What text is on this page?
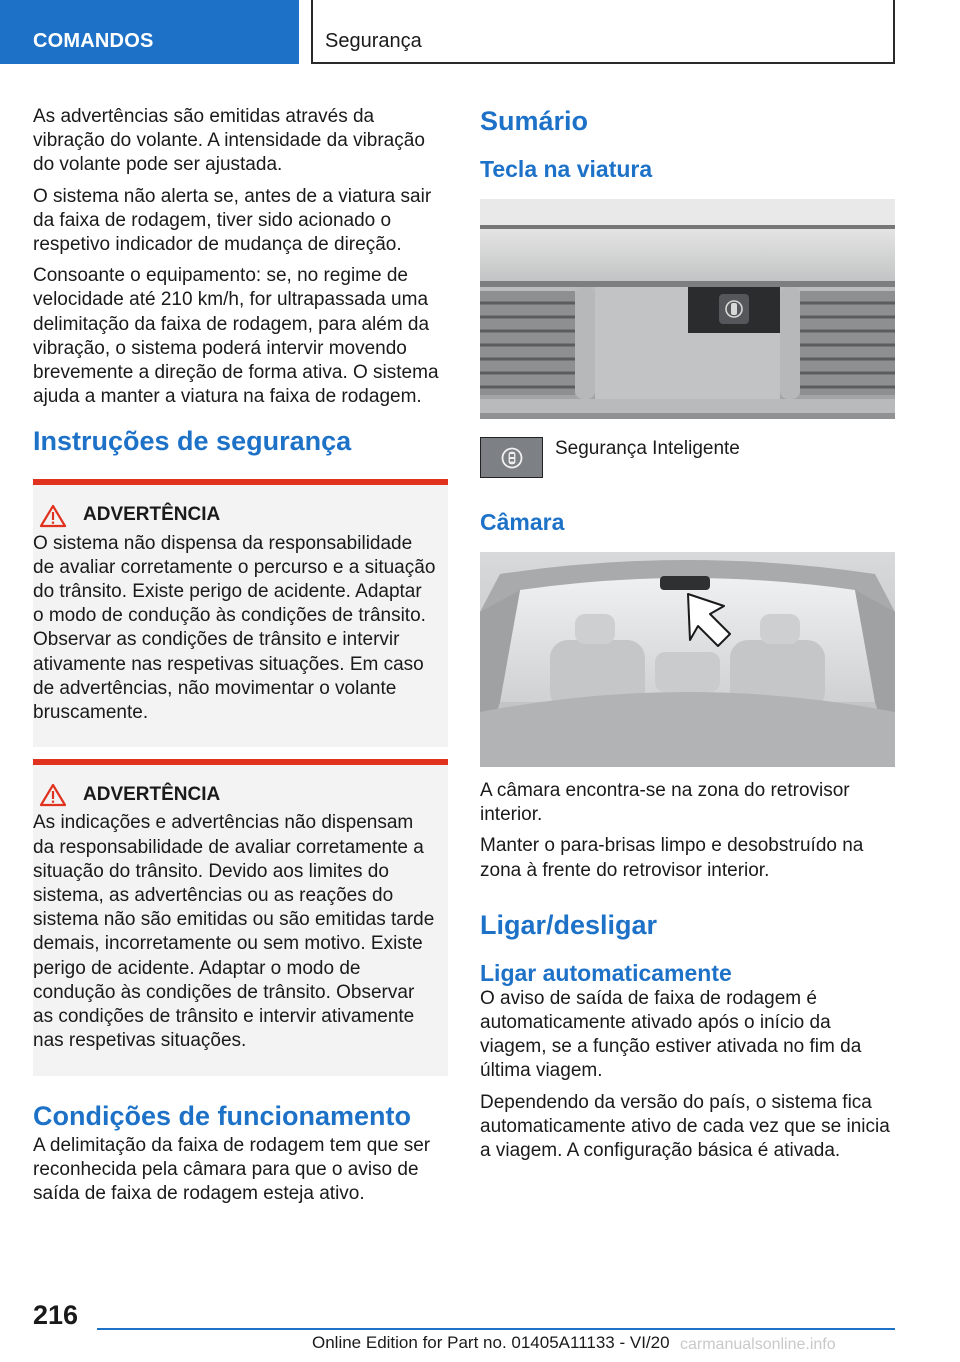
COMANDOS	Segurança

As advertências são emitidas através da vibração do volante. A intensidade da vibração do volante pode ser ajustada.

O sistema não alerta se, antes de a viatura sair da faixa de rodagem, tiver sido acionado o respetivo indicador de mudança de direção.

Consoante o equipamento: se, no regime de velocidade até 210 km/h, for ultrapassada uma delimitação da faixa de rodagem, para além da vibração, o sistema poderá intervir movendo brevemente a direção de forma ativa. O sistema ajuda a manter a viatura na faixa de rodagem.

Instruções de segurança
ADVERTÊNCIA

O sistema não dispensa da responsabilidade de avaliar corretamente o percurso e a situação do trânsito. Existe perigo de acidente. Adaptar o modo de condução às condições de trânsito. Observar as condições de trânsito e intervir ativamente nas respetivas situações. Em caso de advertências, não movimentar o volante bruscamente.

ADVERTÊNCIA

As indicações e advertências não dispensam da responsabilidade de avaliar corretamente a situação do trânsito. Devido aos limites do sistema, as advertências ou as reações do sistema não são emitidas ou são emitidas tarde demais, incorretamente ou sem motivo. Existe perigo de acidente. Adaptar o modo de condução às condições de trânsito. Observar as condições de trânsito e intervir ativamente nas respetivas situações.

Condições de funcionamento

A delimitação da faixa de rodagem tem que ser reconhecida pela câmara para que o aviso de saída de faixa de rodagem esteja ativo.

Sumário
Tecla na viatura
Segurança Inteligente
Câmara

A câmara encontra-se na zona do retrovisor interior.

Manter o para-brisas limpo e desobstruído na zona à frente do retrovisor interior.

Ligar/desligar
Ligar automaticamente

O aviso de saída de faixa de rodagem é automaticamente ativado após o início da viagem, se a função estiver ativada no fim da última viagem.

Dependendo da versão do país, o sistema fica automaticamente ativo de cada vez que se inicia a viagem. A configuração básica é ativada.

216
Online Edition for Part no. 01405A11133 - VI/20 carmanualsonline.info
